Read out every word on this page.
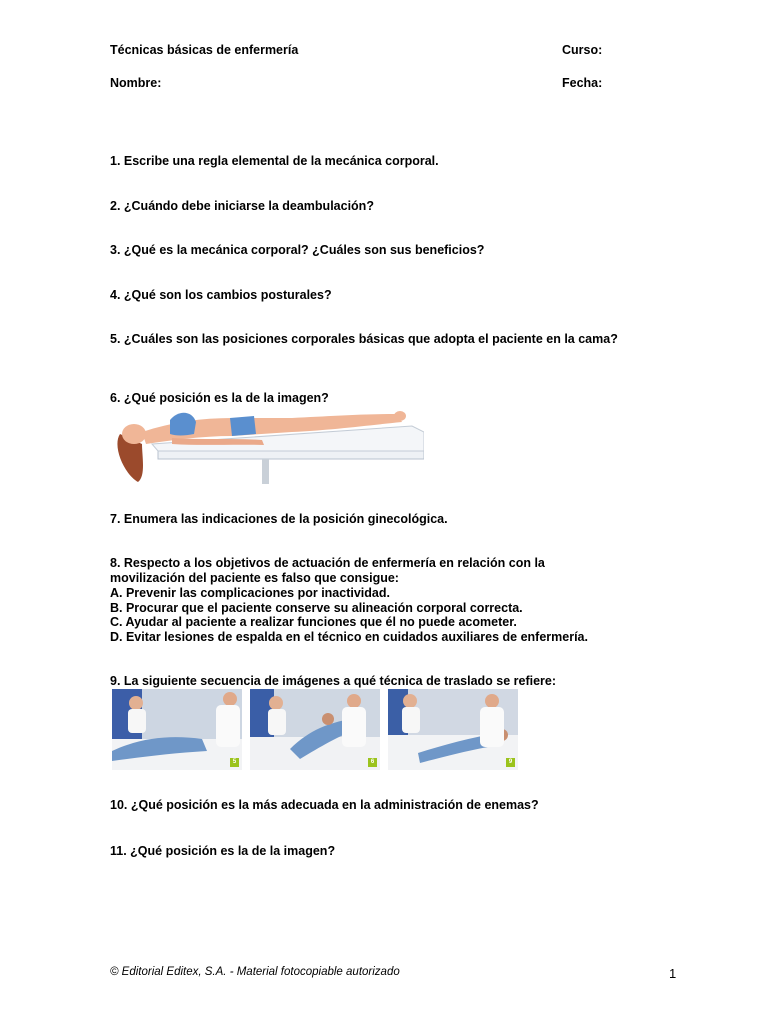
Técnicas básicas de enfermería	Curso:
Nombre:	Fecha:
1. Escribe una regla elemental de la mecánica corporal.
2. ¿Cuándo debe iniciarse la deambulación?
3. ¿Qué es la mecánica corporal? ¿Cuáles son sus beneficios?
4. ¿Qué son los cambios posturales?
5. ¿Cuáles son las posiciones corporales básicas que adopta el paciente en la cama?
6. ¿Qué posición es la de la imagen?
7. Enumera las indicaciones de la posición ginecológica.
8. Respecto a los objetivos de actuación de enfermería en relación con la movilización del paciente es falso que consigue:
A. Prevenir las complicaciones por inactividad.
B. Procurar que el paciente conserve su alineación corporal correcta.
C. Ayudar al paciente a realizar funciones que él no puede acometer.
D. Evitar lesiones de espalda en el técnico en cuidados auxiliares de enfermería.
9. La siguiente secuencia de imágenes a qué técnica de traslado se refiere:
5	6	9
10. ¿Qué posición es la más adecuada en la administración de enemas?
11. ¿Qué posición es la de la imagen?
© Editorial Editex, S.A. - Material fotocopiable autorizado	1
